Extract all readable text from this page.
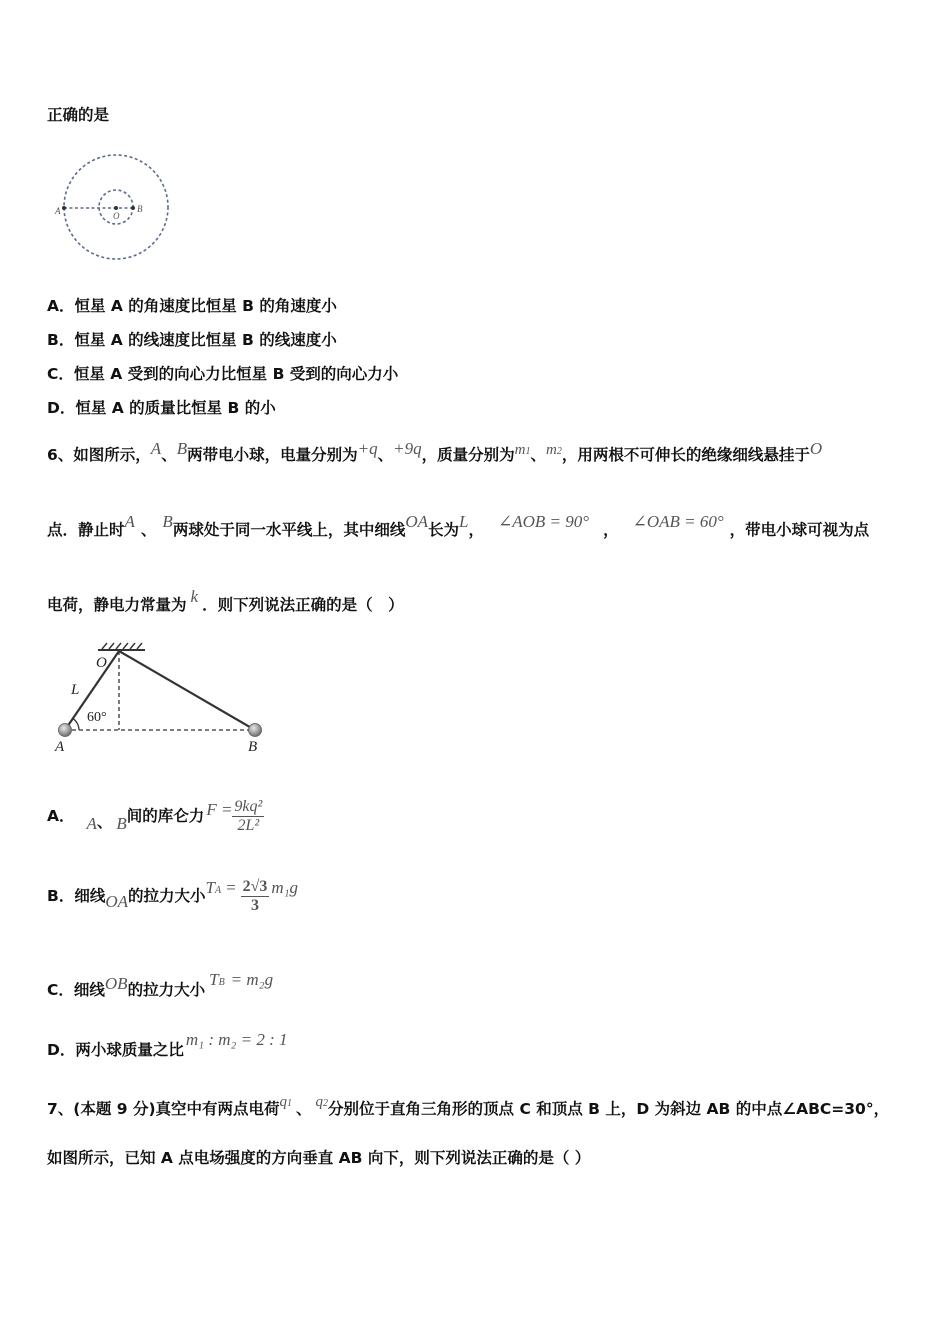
正确的是
A	O
B
A．恒星 A 的角速度比恒星 B 的角速度小
B．恒星 A 的线速度比恒星 B 的线速度小
C．恒星 A 受到的向心力比恒星 B 受到的向心力小
D．恒星 A 的质量比恒星 B 的小
6、如图所示，A、B两带电小球，电量分别为+q、+9q，质量分别为m1、m2，用两根不可伸长的绝缘细线悬挂于O
点．静止时A 、 B两球处于同一水平线上，其中细线OA长为L， ∠AOB = 90° ， ∠OAB = 60° ，带电小球可视为点
电荷，静电力常量为 k ．则下列说法正确的是（　）
O
L
60°
A	B
A． A、 B间的库仑力 $F = \frac{\text{9kq²}}{\text{2L²}}$
B．细线OA的拉力大小TA = $\frac{2√3}{3} m_1g$
C．细线OB的拉力大小TB = m₂g
D．两小球质量之比m₁ : m₂ = 2 : 1
7、(本题 9 分)真空中有两点电荷q1 、 q2分别位于直角三角形的顶点 C 和顶点 B 上，D 为斜边 AB 的中点∠ABC=30°，
如图所示，已知 A 点电场强度的方向垂直 AB 向下，则下列说法正确的是（ ）
